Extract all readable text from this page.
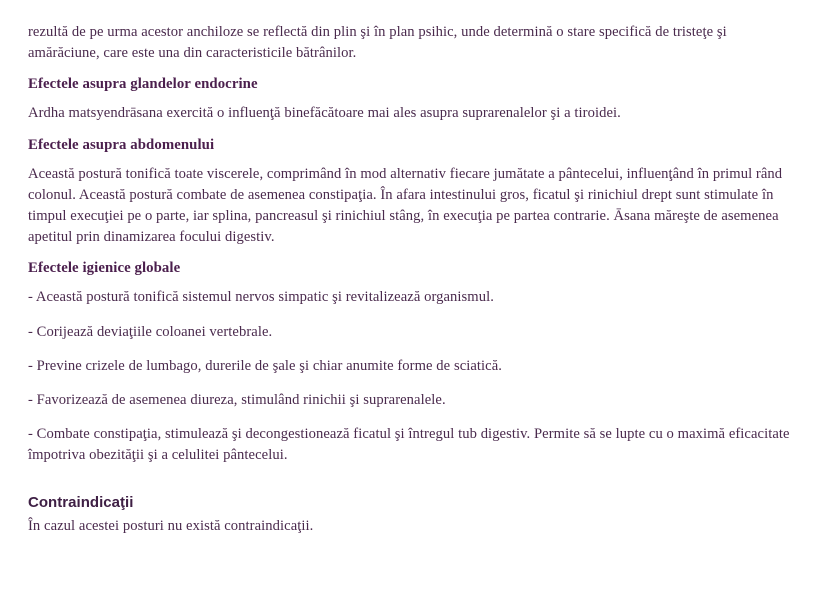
rezultă de pe urma acestor anchiloze se reflectă din plin şi în plan psihic, unde determină o stare specifică de tristeţe şi amărăciune, care este una din caracteristicile bătrânilor.

Efectele asupra glandelor endocrine

Ardha matsyendrāsana exercită o influenţă binefăcătoare mai ales asupra suprarenalelor şi a tiroidei.

Efectele asupra abdomenului

Această postură tonifică toate viscerele, comprimând în mod alternativ fiecare jumătate a pântecelui, influenţând în primul rând colonul. Această postură combate de asemenea constipaţia. În afara intestinului gros, ficatul şi rinichiul drept sunt stimulate în timpul execuţiei pe o parte, iar splina, pancreasul şi rinichiul stâng, în execuţia pe partea contrarie. Āsana măreşte de asemenea apetitul prin dinamizarea focului digestiv.

Efectele igienice globale

- Această postură tonifică sistemul nervos simpatic şi revitalizează organismul.

- Corijează deviaţiile coloanei vertebrale.

- Previne crizele de lumbago, durerile de şale şi chiar anumite forme de sciatică.

- Favorizează de asemenea diureza, stimulând rinichii şi suprarenalele.

- Combate constipaţia, stimulează şi decongestionează ficatul şi întregul tub digestiv. Permite să se lupte cu o maximă eficacitate împotriva obezităţii şi a celulitei pântecelui.

Contraindicaţii

În cazul acestei posturi nu există contraindicaţii.
